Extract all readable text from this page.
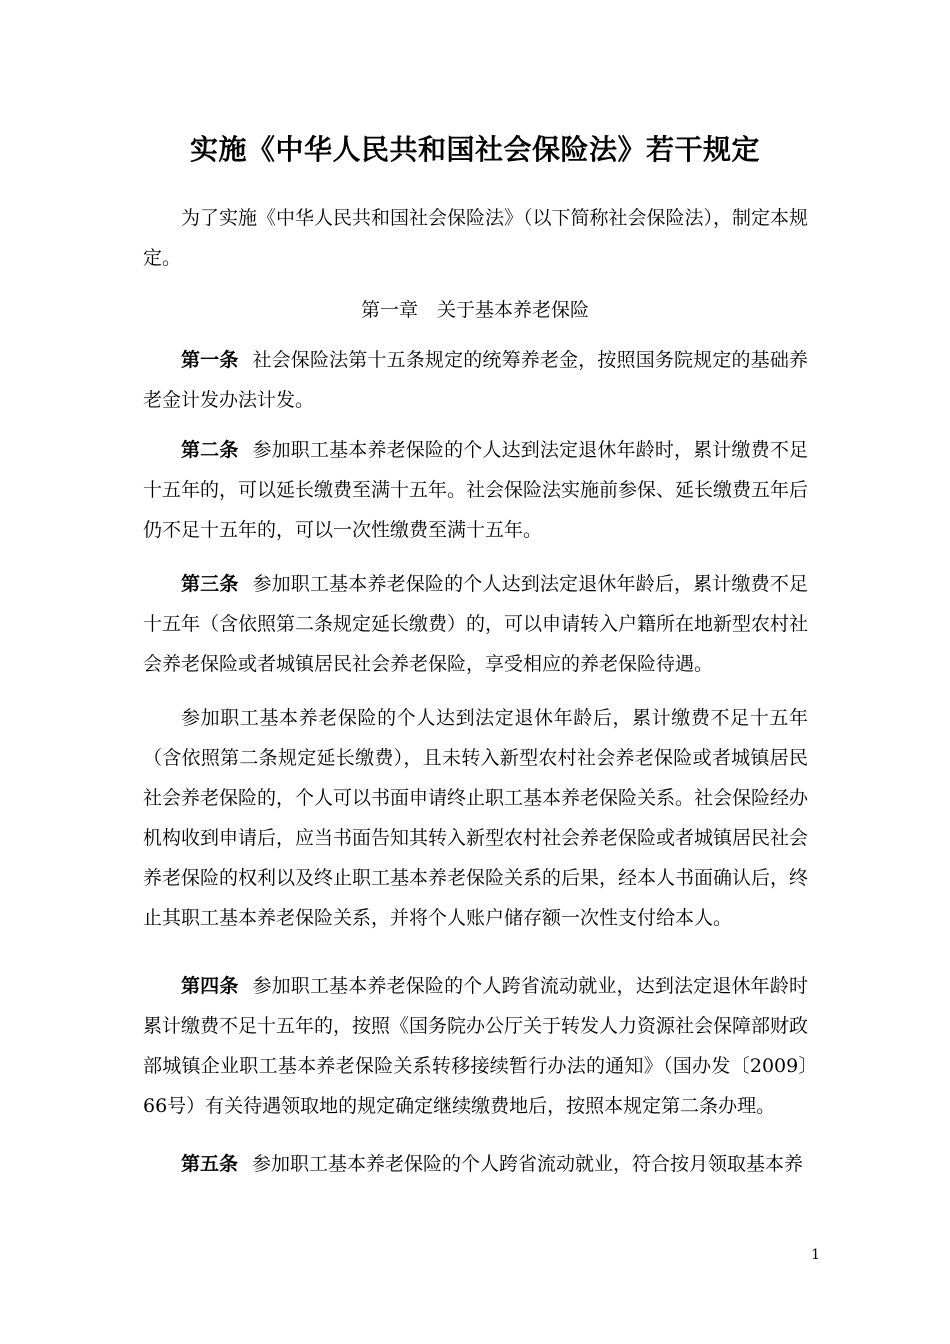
实施《中华人民共和国社会保险法》若干规定
为了实施《中华人民共和国社会保险法》（以下简称社会保险法），制定本规定。
第一章　关于基本养老保险
第一条 社会保险法第十五条规定的统筹养老金，按照国务院规定的基础养老金计发办法计发。
第二条 参加职工基本养老保险的个人达到法定退休年龄时，累计缴费不足十五年的，可以延长缴费至满十五年。社会保险法实施前参保、延长缴费五年后仍不足十五年的，可以一次性缴费至满十五年。
第三条 参加职工基本养老保险的个人达到法定退休年龄后，累计缴费不足十五年（含依照第二条规定延长缴费）的，可以申请转入户籍所在地新型农村社会养老保险或者城镇居民社会养老保险，享受相应的养老保险待遇。
参加职工基本养老保险的个人达到法定退休年龄后，累计缴费不足十五年（含依照第二条规定延长缴费），且未转入新型农村社会养老保险或者城镇居民社会养老保险的，个人可以书面申请终止职工基本养老保险关系。社会保险经办机构收到申请后，应当书面告知其转入新型农村社会养老保险或者城镇居民社会养老保险的权利以及终止职工基本养老保险关系的后果，经本人书面确认后，终止其职工基本养老保险关系，并将个人账户储存额一次性支付给本人。
第四条 参加职工基本养老保险的个人跨省流动就业，达到法定退休年龄时累计缴费不足十五年的，按照《国务院办公厅关于转发人力资源社会保障部财政部城镇企业职工基本养老保险关系转移接续暂行办法的通知》（国办发〔2009〕66号）有关待遇领取地的规定确定继续缴费地后，按照本规定第二条办理。
第五条 参加职工基本养老保险的个人跨省流动就业，符合按月领取基本养
1
